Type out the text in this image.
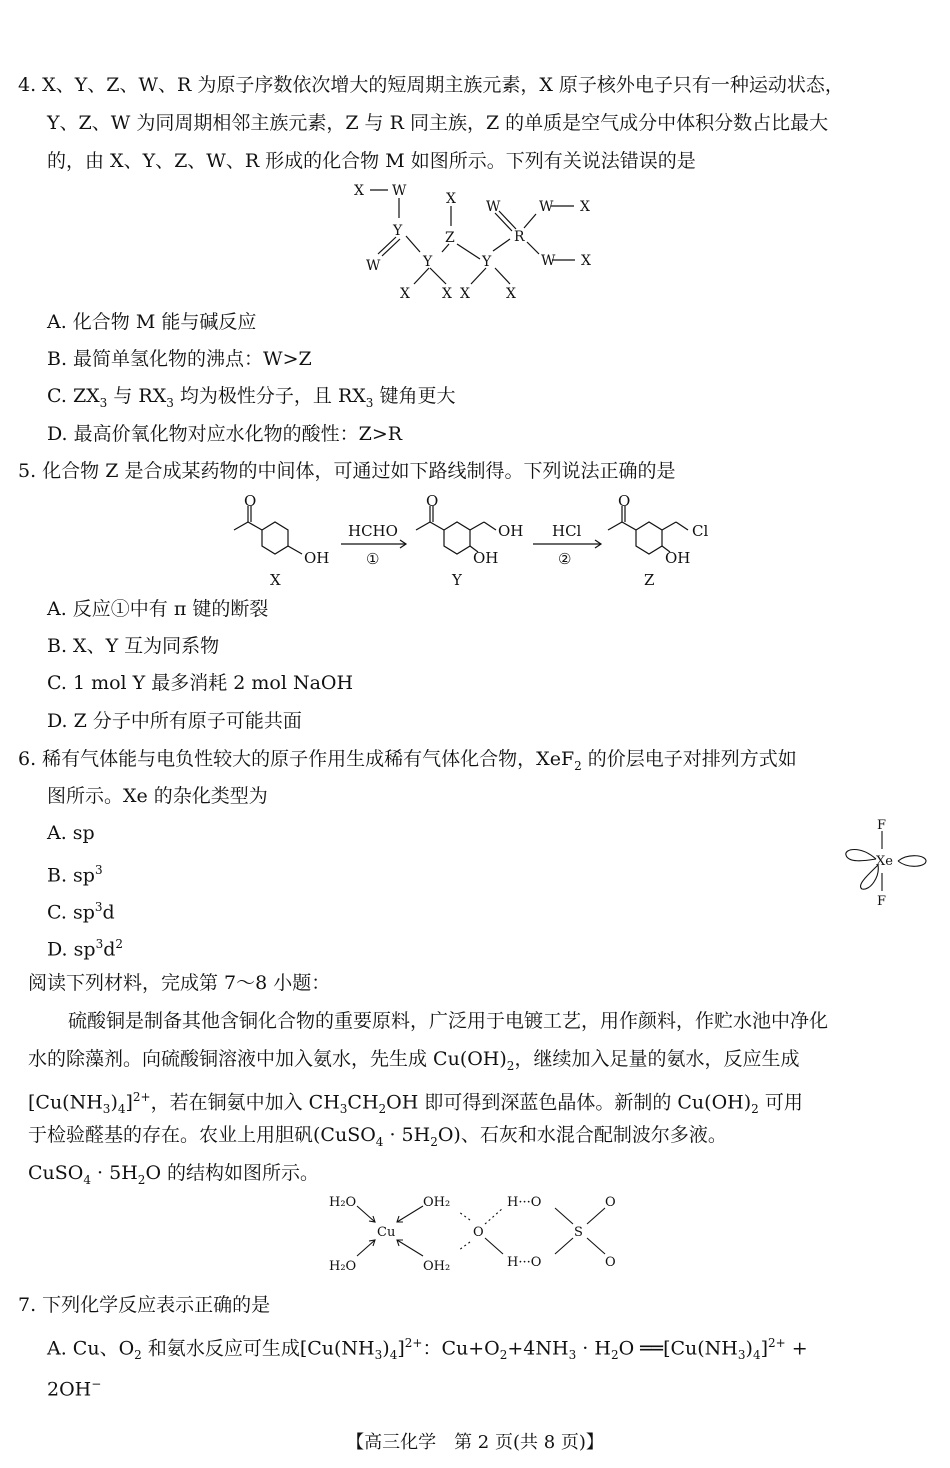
4. X、Y、Z、W、R 为原子序数依次增大的短周期主族元素，X 原子核外电子只有一种运动状态，
Y、Z、W 为同周期相邻主族元素，Z 与 R 同主族，Z 的单质是空气成分中体积分数占比最大
的，由 X、Y、Z、W、R 形成的化合物 M 如图所示。下列有关说法错误的是
X W
Y
W	Y
X X
X
Z
X
Y
X
W
R
W X
W X
A. 化合物 M 能与碱反应
B. 最简单氢化物的沸点：W>Z
C. $ZX_3$ 与 $RX_3$ 均为极性分子，且 $RX_3$ 键角更大
D. 最高价氧化物对应水化物的酸性：Z>R
5. 化合物 Z 是合成某药物的中间体，可通过如下路线制得。下列说法正确的是
O
OH
X
HCHO
①
O
OH
OH
Y
HCl
②
O
Cl
OH
Z
A. 反应①中有 π 键的断裂
B. X、Y 互为同系物
C. 1 mol Y 最多消耗 2 mol NaOH
D. Z 分子中所有原子可能共面
6. 稀有气体能与电负性较大的原子作用生成稀有气体化合物，XeF$_2$ 的价层电子对排列方式如
图所示。Xe 的杂化类型为
A. sp
B. $sp^3$
C. $sp^3d$
D. $sp^3d^2$
F
Xe
F
阅读下列材料，完成第 7～8 小题：
硫酸铜是制备其他含铜化合物的重要原料，广泛用于电镀工艺，用作颜料，作贮水池中净化
水的除藻剂。向硫酸铜溶液中加入氨水，先生成 $Cu(OH)_2$，继续加入足量的氨水，反应生成
$[Cu(NH_3)_4]^{2+}$，若在铜氨中加入 $CH_3CH_2OH$ 即可得到深蓝色晶体。新制的 $Cu(OH)_2$ 可用
于检验醛基的存在。农业上用胆矾(CuSO$_4$ · $5H_2O$)、石灰和水混合配制波尔多液。
CuSO$_4$ · $5H_2O$ 的结构如图所示。
H₂O	OH₂
H₂O	OH₂
Cu	O
H···O
H···O
S
O
O
7. 下列化学反应表示正确的是
A. Cu、$O_2$ 和氨水反应可生成$[Cu(NH_3)_4]^{2+}$：$Cu+O_2+4NH_3 \cdot H_2O$ $══[Cu(NH_3)_4]^{2+}$ +
2OH−
【高三化学　第 2 页(共 8 页)】
